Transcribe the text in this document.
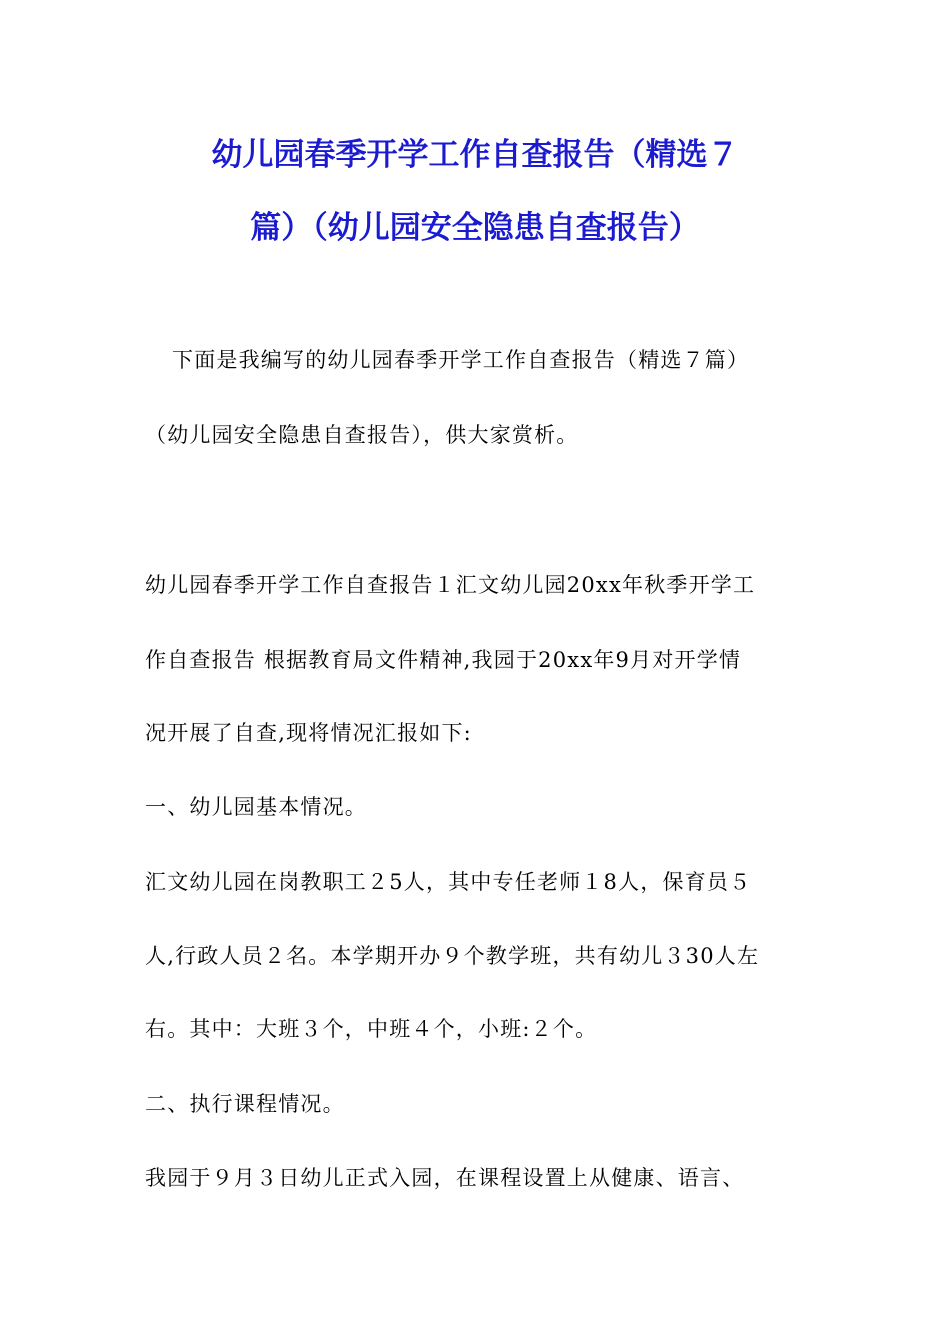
幼儿园春季开学工作自查报告（精选７
篇）（幼儿园安全隐患自查报告）
下面是我编写的幼儿园春季开学工作自查报告（精选７篇）
（幼儿园安全隐患自查报告），供大家赏析。
幼儿园春季开学工作自查报告１汇文幼儿园20xx年秋季开学工
作自查报告 根据教育局文件精神,我园于20xx年9月对开学情
况开展了自查,现将情况汇报如下:
一、幼儿园基本情况。
汇文幼儿园在岗教职工２5人，其中专任老师１8人，保育员５
人,行政人员２名。本学期开办９个教学班，共有幼儿３30人左
右。其中：大班３个，中班４个，小班:２个。
二、执行课程情况。
我园于９月３日幼儿正式入园，在课程设置上从健康、语言、
